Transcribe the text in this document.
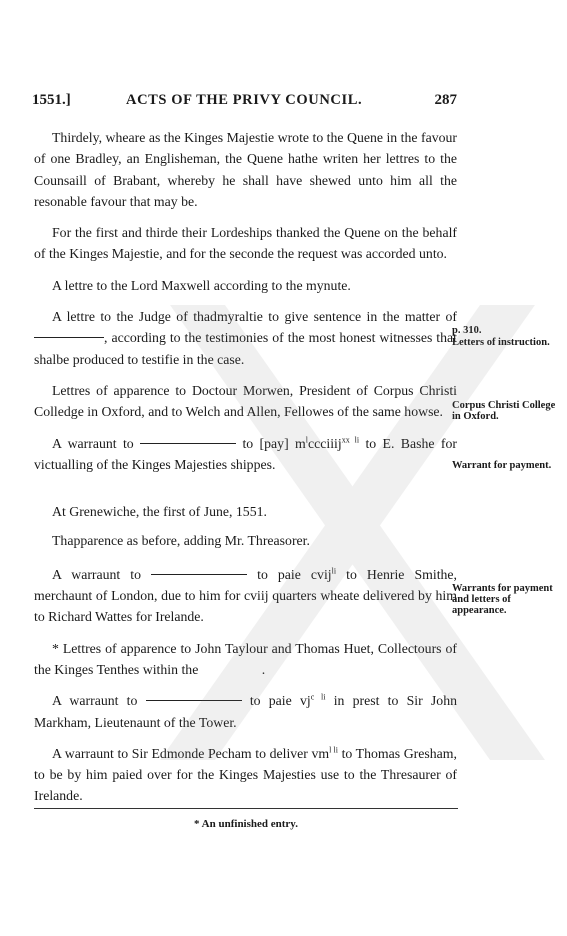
1551.]	ACTS OF THE PRIVY COUNCIL.	287

Thirdely, wheare as the Kinges Majestie wrote to the Quene in the favour of one Bradley, an Englisheman, the Quene hathe writen her lettres to the Counsaill of Brabant, whereby he shall have shewed unto him all the resonable favour that may be.

For the first and thirde their Lordeships thanked the Quene on the behalf of the Kinges Majestie, and for the seconde the request was accorded unto.

A lettre to the Lord Maxwell according to the mynute.

A lettre to the Judge of thadmyraltie to give sentence in the matter of , according to the testimonies of the most honest witnesses that shalbe produced to testifie in the case.

Lettres of apparence to Doctour Morwen, President of Corpus Christi Colledge in Oxford, and to Welch and Allen, Fellowes of the same howse.

A warraunt to	to [pay] $m^lccciiij^{xx li}$ to E. Bashe for victualling of the Kinges Majesties shippes.

At Grenewiche, the first of June, 1551.

Thapparence as before, adding Mr. Threasorer.

A warraunt to	to paie cvij$^{li}$ to Henrie Smithe, merchaunt of London, due to him for cviij quarters wheate delivered by him to Richard Wattes for Irelande.

* Lettres of apparence to John Taylour and Thomas Huet, Collectours of the Kinges Tenthes within the	.

A warraunt to	to paie $vj^{c li}$ in prest to Sir John Markham, Lieutenaunt of the Tower.

A warraunt to Sir Edmonde Pecham to deliver $vm^{l li}$ to Thomas Gresham, to be by him paied over for the Kinges Majesties use to the Thresaurer of Irelande.

p. 310.
Letters of instruction.
Corpus Christi College in Oxford.
Warrant for payment.
Warrants for payment and letters of appearance.
* An unfinished entry.
